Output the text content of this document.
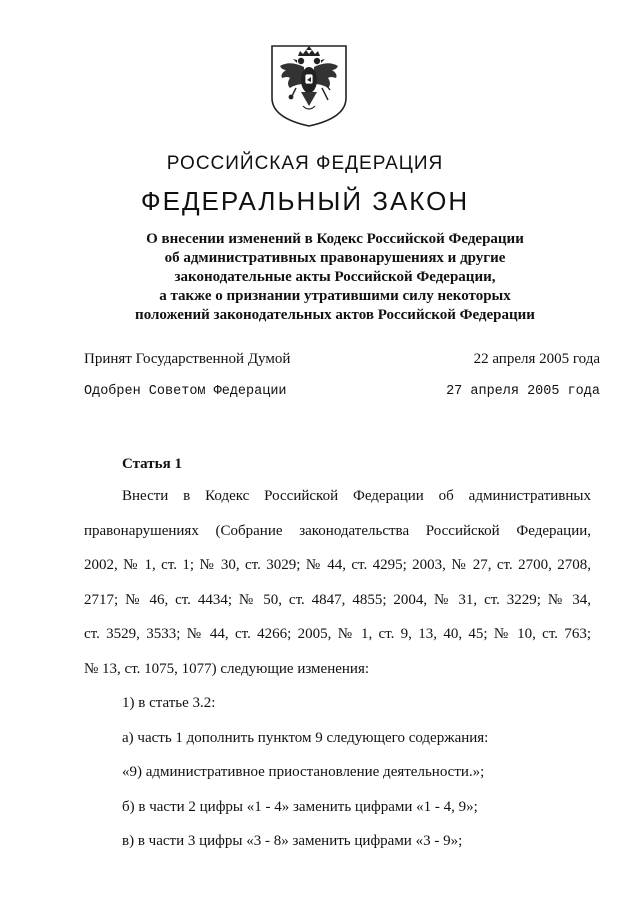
РОССИЙСКАЯ ФЕДЕРАЦИЯ
ФЕДЕРАЛЬНЫЙ ЗАКОН
О внесении изменений в Кодекс Российской Федерации
об административных правонарушениях и другие
законодательные акты Российской Федерации,
а также о признании утратившими силу некоторых
положений законодательных актов Российской Федерации
Принят Государственной Думой	22 апреля 2005 года
Одобрен Советом Федерации	27 апреля 2005 года
Статья 1
Внести в Кодекс Российской Федерации об административных
правонарушениях (Собрание законодательства Российской Федерации,
2002, № 1, ст. 1; № 30, ст. 3029; № 44, ст. 4295; 2003, № 27, ст. 2700, 2708,
2717; № 46, ст. 4434; № 50, ст. 4847, 4855; 2004, № 31, ст. 3229; № 34,
ст. 3529, 3533; № 44, ст. 4266; 2005, № 1, ст. 9, 13, 40, 45; № 10, ст. 763;
№ 13, ст. 1075, 1077) следующие изменения:
1) в статье 3.2:
а) часть 1 дополнить пунктом 9 следующего содержания:
«9) административное приостановление деятельности.»;
б) в части 2 цифры «1 - 4» заменить цифрами «1 - 4, 9»;
в) в части 3 цифры «3 - 8» заменить цифрами «3 - 9»;
